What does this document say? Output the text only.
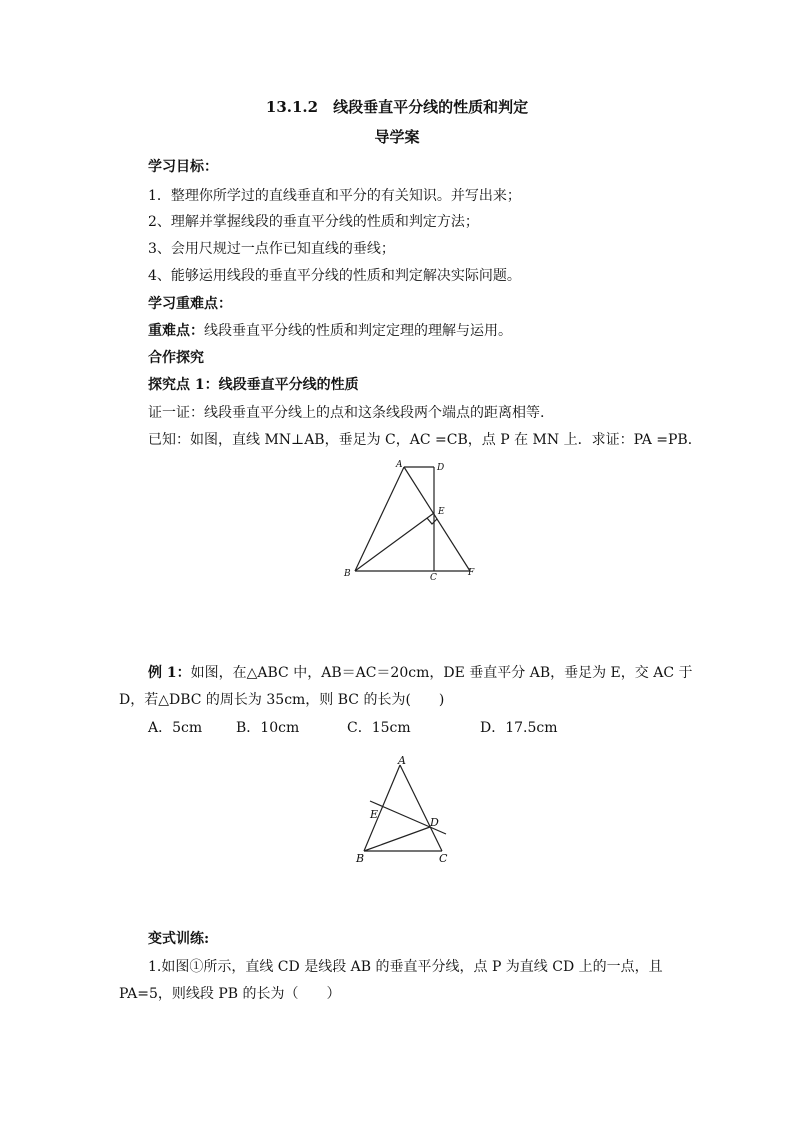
13.1.2　线段垂直平分线的性质和判定
导学案
学习目标：
1．整理你所学过的直线垂直和平分的有关知识。并写出来；
2、理解并掌握线段的垂直平分线的性质和判定方法；
3、会用尺规过一点作已知直线的垂线；
4、能够运用线段的垂直平分线的性质和判定解决实际问题。
学习重难点：
重难点：线段垂直平分线的性质和判定定理的理解与运用。
合作探究
探究点 1：线段垂直平分线的性质
证一证：线段垂直平分线上的点和这条线段两个端点的距离相等.
已知：如图，直线 MN⊥AB，垂足为 C，AC =CB，点 P 在 MN 上．求证：PA =PB．
A	D
E
B	C	F
例 1：如图，在△ABC 中，AB＝AC＝20cm，DE 垂直平分 AB，垂足为 E，交 AC 于
D，若△DBC 的周长为 35cm，则 BC 的长为(　　)
A．5cm B．10cm	C．15cm	D．17.5cm
A
E
D
B	C
变式训练:
1.如图①所示，直线 CD 是线段 AB 的垂直平分线，点 P 为直线 CD 上的一点，且
PA=5，则线段 PB 的长为（　　）
